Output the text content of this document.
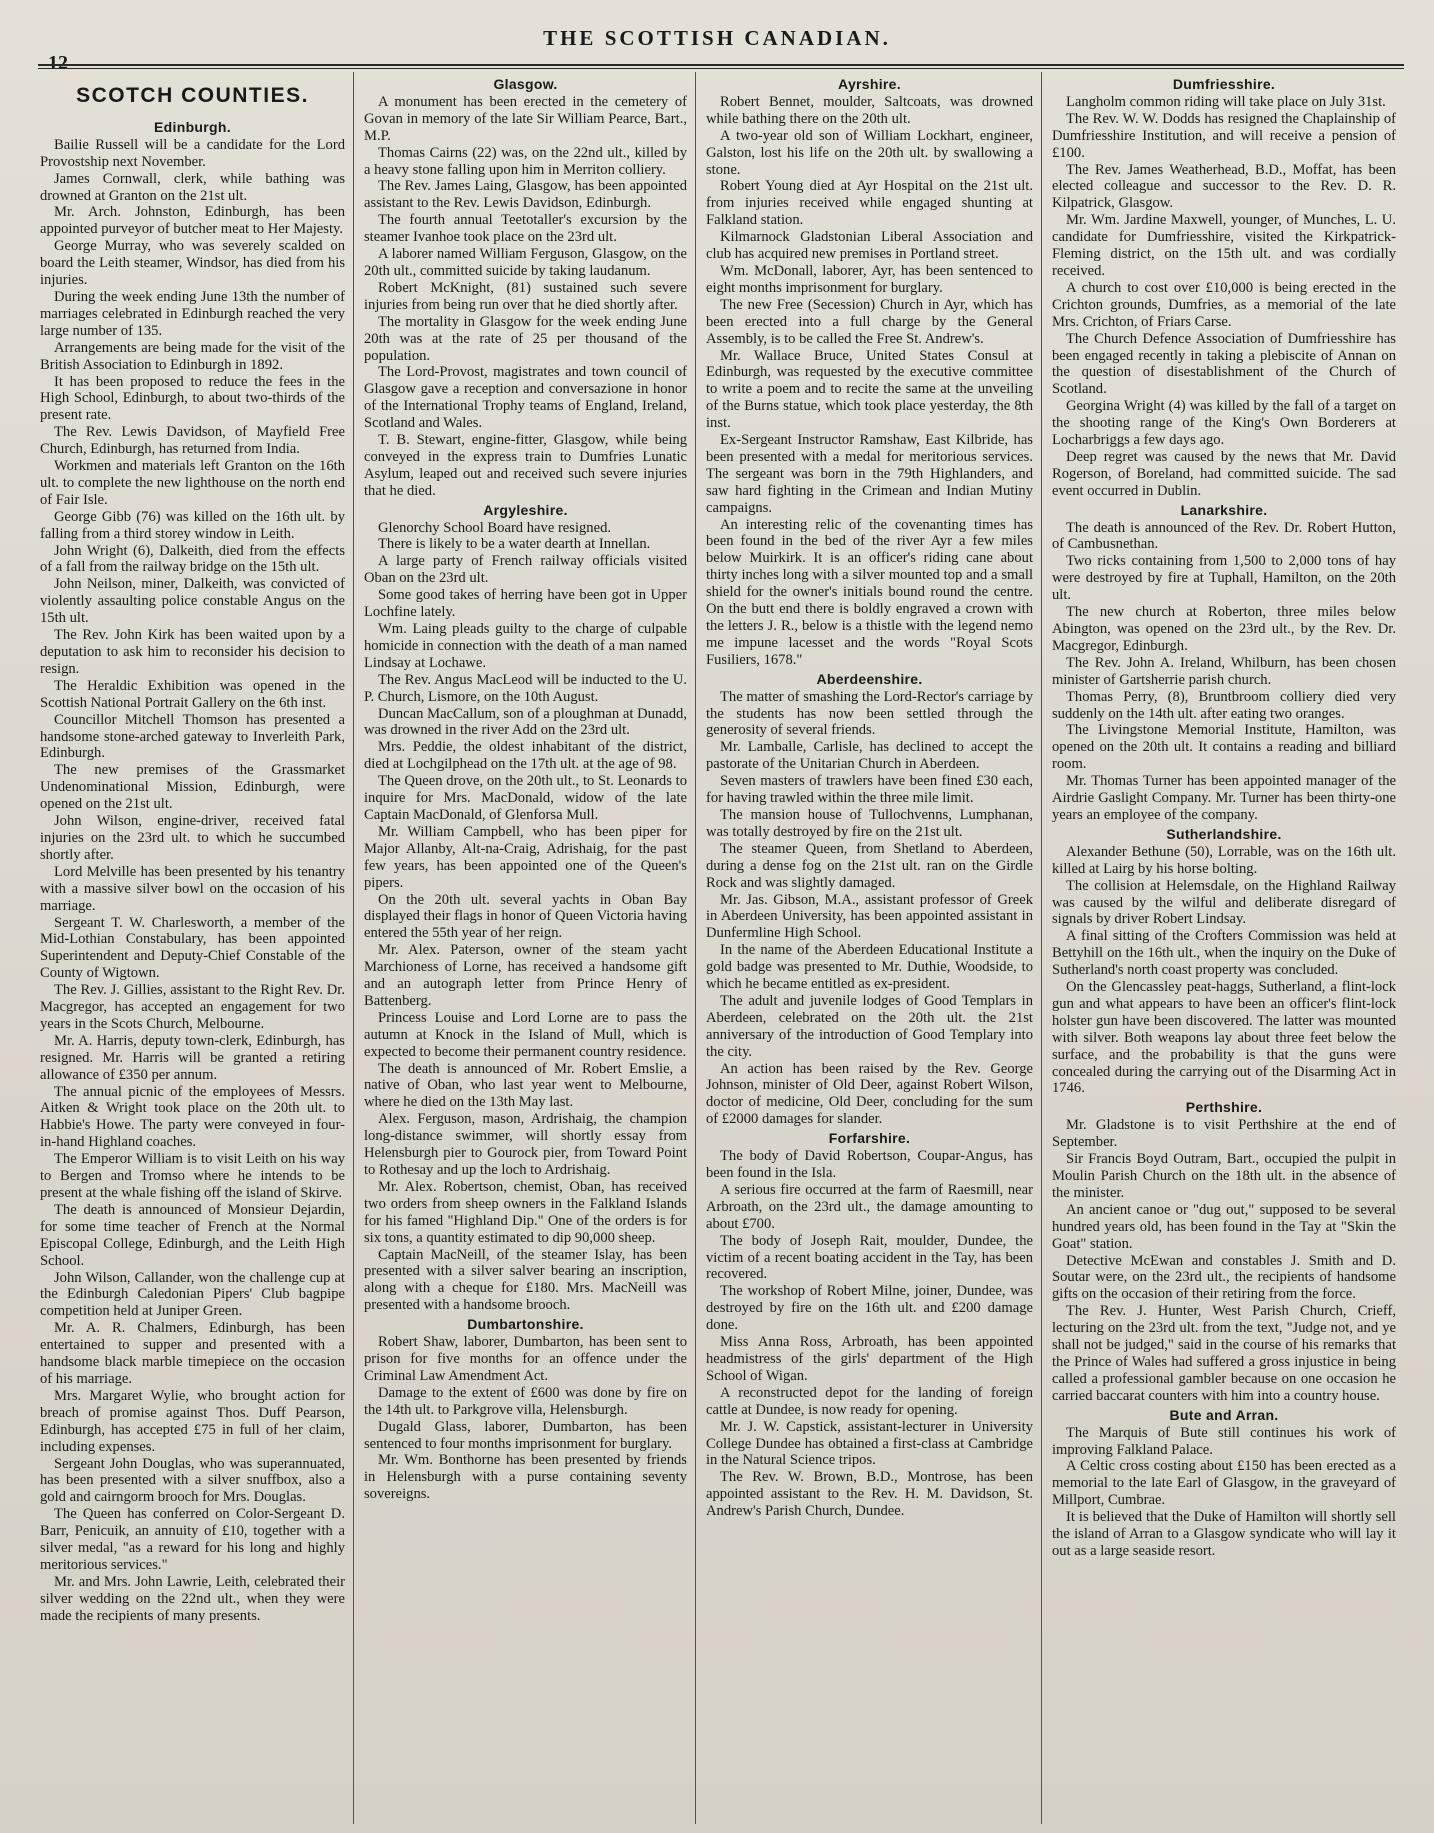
THE SCOTTISH CANADIAN.
12
SCOTCH COUNTIES.
Edinburgh.

Bailie Russell will be a candidate for the Lord Provostship next November.

James Cornwall, clerk, while bathing was drowned at Granton on the 21st ult.

Mr. Arch. Johnston, Edinburgh, has been appointed purveyor of butcher meat to Her Majesty.

George Murray, who was severely scalded on board the Leith steamer, Windsor, has died from his injuries.

During the week ending June 13th the number of marriages celebrated in Edinburgh reached the very large number of 135.

Arrangements are being made for the visit of the British Association to Edinburgh in 1892.

It has been proposed to reduce the fees in the High School, Edinburgh, to about two-thirds of the present rate.

The Rev. Lewis Davidson, of Mayfield Free Church, Edinburgh, has returned from India.

Workmen and materials left Granton on the 16th ult. to complete the new lighthouse on the north end of Fair Isle.

George Gibb (76) was killed on the 16th ult. by falling from a third storey window in Leith.

John Wright (6), Dalkeith, died from the effects of a fall from the railway bridge on the 15th ult.

John Neilson, miner, Dalkeith, was convicted of violently assaulting police constable Angus on the 15th ult.

The Rev. John Kirk has been waited upon by a deputation to ask him to reconsider his decision to resign.

The Heraldic Exhibition was opened in the Scottish National Portrait Gallery on the 6th inst.

Councillor Mitchell Thomson has presented a handsome stone-arched gateway to Inverleith Park, Edinburgh.

The new premises of the Grassmarket Undenominational Mission, Edinburgh, were opened on the 21st ult.

John Wilson, engine-driver, received fatal injuries on the 23rd ult. to which he succumbed shortly after.

Lord Melville has been presented by his tenantry with a massive silver bowl on the occasion of his marriage.

Sergeant T. W. Charlesworth, a member of the Mid-Lothian Constabulary, has been appointed Superintendent and Deputy-Chief Constable of the County of Wigtown.

The Rev. J. Gillies, assistant to the Right Rev. Dr. Macgregor, has accepted an engagement for two years in the Scots Church, Melbourne.

Mr. A. Harris, deputy town-clerk, Edinburgh, has resigned. Mr. Harris will be granted a retiring allowance of £350 per annum.

The annual picnic of the employees of Messrs. Aitken & Wright took place on the 20th ult. to Habbie's Howe. The party were conveyed in four-in-hand Highland coaches.

The Emperor William is to visit Leith on his way to Bergen and Tromso where he intends to be present at the whale fishing off the island of Skirve.

The death is announced of Monsieur Dejardin, for some time teacher of French at the Normal Episcopal College, Edinburgh, and the Leith High School.

John Wilson, Callander, won the challenge cup at the Edinburgh Caledonian Pipers' Club bagpipe competition held at Juniper Green.

Mr. A. R. Chalmers, Edinburgh, has been entertained to supper and presented with a handsome black marble timepiece on the occasion of his marriage.

Mrs. Margaret Wylie, who brought action for breach of promise against Thos. Duff Pearson, Edinburgh, has accepted £75 in full of her claim, including expenses.

Sergeant John Douglas, who was superannuated, has been presented with a silver snuffbox, also a gold and cairngorm brooch for Mrs. Douglas.

The Queen has conferred on Color-Sergeant D. Barr, Penicuik, an annuity of £10, together with a silver medal, "as a reward for his long and highly meritorious services."

Mr. and Mrs. John Lawrie, Leith, celebrated their silver wedding on the 22nd ult., when they were made the recipients of many presents.

Glasgow.

A monument has been erected in the cemetery of Govan in memory of the late Sir William Pearce, Bart., M.P.

Thomas Cairns (22) was, on the 22nd ult., killed by a heavy stone falling upon him in Merriton colliery.

The Rev. James Laing, Glasgow, has been appointed assistant to the Rev. Lewis Davidson, Edinburgh.

The fourth annual Teetotaller's excursion by the steamer Ivanhoe took place on the 23rd ult.

A laborer named William Ferguson, Glasgow, on the 20th ult., committed suicide by taking laudanum.

Robert McKnight, (81) sustained such severe injuries from being run over that he died shortly after.

The mortality in Glasgow for the week ending June 20th was at the rate of 25 per thousand of the population.

The Lord-Provost, magistrates and town council of Glasgow gave a reception and conversazione in honor of the International Trophy teams of England, Ireland, Scotland and Wales.

T. B. Stewart, engine-fitter, Glasgow, while being conveyed in the express train to Dumfries Lunatic Asylum, leaped out and received such severe injuries that he died.

Argyleshire.

Glenorchy School Board have resigned.

There is likely to be a water dearth at Innellan.

A large party of French railway officials visited Oban on the 23rd ult.

Some good takes of herring have been got in Upper Lochfine lately.

Wm. Laing pleads guilty to the charge of culpable homicide in connection with the death of a man named Lindsay at Lochawe.

The Rev. Angus MacLeod will be inducted to the U. P. Church, Lismore, on the 10th August.

Duncan MacCallum, son of a ploughman at Dunadd, was drowned in the river Add on the 23rd ult.

Mrs. Peddie, the oldest inhabitant of the district, died at Lochgilphead on the 17th ult. at the age of 98.

The Queen drove, on the 20th ult., to St. Leonards to inquire for Mrs. MacDonald, widow of the late Captain MacDonald, of Glenforsa Mull.

Mr. William Campbell, who has been piper for Major Allanby, Alt-na-Craig, Adrishaig, for the past few years, has been appointed one of the Queen's pipers.

On the 20th ult. several yachts in Oban Bay displayed their flags in honor of Queen Victoria having entered the 55th year of her reign.

Mr. Alex. Paterson, owner of the steam yacht Marchioness of Lorne, has received a handsome gift and an autograph letter from Prince Henry of Battenberg.

Princess Louise and Lord Lorne are to pass the autumn at Knock in the Island of Mull, which is expected to become their permanent country residence.

The death is announced of Mr. Robert Emslie, a native of Oban, who last year went to Melbourne, where he died on the 13th May last.

Alex. Ferguson, mason, Ardrishaig, the champion long-distance swimmer, will shortly essay from Helensburgh pier to Gourock pier, from Toward Point to Rothesay and up the loch to Ardrishaig.

Mr. Alex. Robertson, chemist, Oban, has received two orders from sheep owners in the Falkland Islands for his famed "Highland Dip." One of the orders is for six tons, a quantity estimated to dip 90,000 sheep.

Captain MacNeill, of the steamer Islay, has been presented with a silver salver bearing an inscription, along with a cheque for £180. Mrs. MacNeill was presented with a handsome brooch.

Dumbartonshire.

Robert Shaw, laborer, Dumbarton, has been sent to prison for five months for an offence under the Criminal Law Amendment Act.

Damage to the extent of £600 was done by fire on the 14th ult. to Parkgrove villa, Helensburgh.

Dugald Glass, laborer, Dumbarton, has been sentenced to four months imprisonment for burglary.

Mr. Wm. Bonthorne has been presented by friends in Helensburgh with a purse containing seventy sovereigns.

Ayrshire.

Robert Bennet, moulder, Saltcoats, was drowned while bathing there on the 20th ult.

A two-year old son of William Lockhart, engineer, Galston, lost his life on the 20th ult. by swallowing a stone.

Robert Young died at Ayr Hospital on the 21st ult. from injuries received while engaged shunting at Falkland station.

Kilmarnock Gladstonian Liberal Association and club has acquired new premises in Portland street.

Wm. McDonall, laborer, Ayr, has been sentenced to eight months imprisonment for burglary.

The new Free (Secession) Church in Ayr, which has been erected into a full charge by the General Assembly, is to be called the Free St. Andrew's.

Mr. Wallace Bruce, United States Consul at Edinburgh, was requested by the executive committee to write a poem and to recite the same at the unveiling of the Burns statue, which took place yesterday, the 8th inst.

Ex-Sergeant Instructor Ramshaw, East Kilbride, has been presented with a medal for meritorious services. The sergeant was born in the 79th Highlanders, and saw hard fighting in the Crimean and Indian Mutiny campaigns.

An interesting relic of the covenanting times has been found in the bed of the river Ayr a few miles below Muirkirk. It is an officer's riding cane about thirty inches long with a silver mounted top and a small shield for the owner's initials bound round the centre. On the butt end there is boldly engraved a crown with the letters J. R., below is a thistle with the legend nemo me impune lacesset and the words "Royal Scots Fusiliers, 1678."

Aberdeenshire.

The matter of smashing the Lord-Rector's carriage by the students has now been settled through the generosity of several friends.

Mr. Lamballe, Carlisle, has declined to accept the pastorate of the Unitarian Church in Aberdeen.

Seven masters of trawlers have been fined £30 each, for having trawled within the three mile limit.

The mansion house of Tullochvenns, Lumphanan, was totally destroyed by fire on the 21st ult.

The steamer Queen, from Shetland to Aberdeen, during a dense fog on the 21st ult. ran on the Girdle Rock and was slightly damaged.

Mr. Jas. Gibson, M.A., assistant professor of Greek in Aberdeen University, has been appointed assistant in Dunfermline High School.

In the name of the Aberdeen Educational Institute a gold badge was presented to Mr. Duthie, Woodside, to which he became entitled as ex-president.

The adult and juvenile lodges of Good Templars in Aberdeen, celebrated on the 20th ult. the 21st anniversary of the introduction of Good Templary into the city.

An action has been raised by the Rev. George Johnson, minister of Old Deer, against Robert Wilson, doctor of medicine, Old Deer, concluding for the sum of £2000 damages for slander.

Forfarshire.

The body of David Robertson, Coupar-Angus, has been found in the Isla.

A serious fire occurred at the farm of Raesmill, near Arbroath, on the 23rd ult., the damage amounting to about £700.

The body of Joseph Rait, moulder, Dundee, the victim of a recent boating accident in the Tay, has been recovered.

The workshop of Robert Milne, joiner, Dundee, was destroyed by fire on the 16th ult. and £200 damage done.

Miss Anna Ross, Arbroath, has been appointed headmistress of the girls' department of the High School of Wigan.

A reconstructed depot for the landing of foreign cattle at Dundee, is now ready for opening.

Mr. J. W. Capstick, assistant-lecturer in University College Dundee has obtained a first-class at Cambridge in the Natural Science tripos.

The Rev. W. Brown, B.D., Montrose, has been appointed assistant to the Rev. H. M. Davidson, St. Andrew's Parish Church, Dundee.

Dumfriesshire.

Langholm common riding will take place on July 31st.

The Rev. W. W. Dodds has resigned the Chaplainship of Dumfriesshire Institution, and will receive a pension of £100.

The Rev. James Weatherhead, B.D., Moffat, has been elected colleague and successor to the Rev. D. R. Kilpatrick, Glasgow.

Mr. Wm. Jardine Maxwell, younger, of Munches, L. U. candidate for Dumfriesshire, visited the Kirkpatrick-Fleming district, on the 15th ult. and was cordially received.

A church to cost over £10,000 is being erected in the Crichton grounds, Dumfries, as a memorial of the late Mrs. Crichton, of Friars Carse.

The Church Defence Association of Dumfriesshire has been engaged recently in taking a plebiscite of Annan on the question of disestablishment of the Church of Scotland.

Georgina Wright (4) was killed by the fall of a target on the shooting range of the King's Own Borderers at Locharbriggs a few days ago.

Deep regret was caused by the news that Mr. David Rogerson, of Boreland, had committed suicide. The sad event occurred in Dublin.

Lanarkshire.

The death is announced of the Rev. Dr. Robert Hutton, of Cambusnethan.

Two ricks containing from 1,500 to 2,000 tons of hay were destroyed by fire at Tuphall, Hamilton, on the 20th ult.

The new church at Roberton, three miles below Abington, was opened on the 23rd ult., by the Rev. Dr. Macgregor, Edinburgh.

The Rev. John A. Ireland, Whilburn, has been chosen minister of Gartsherrie parish church.

Thomas Perry, (8), Bruntbroom colliery died very suddenly on the 14th ult. after eating two oranges.

The Livingstone Memorial Institute, Hamilton, was opened on the 20th ult. It contains a reading and billiard room.

Mr. Thomas Turner has been appointed manager of the Airdrie Gaslight Company. Mr. Turner has been thirty-one years an employee of the company.

Sutherlandshire.

Alexander Bethune (50), Lorrable, was on the 16th ult. killed at Lairg by his horse bolting.

The collision at Helemsdale, on the Highland Railway was caused by the wilful and deliberate disregard of signals by driver Robert Lindsay.

A final sitting of the Crofters Commission was held at Bettyhill on the 16th ult., when the inquiry on the Duke of Sutherland's north coast property was concluded.

On the Glencassley peat-haggs, Sutherland, a flint-lock gun and what appears to have been an officer's flint-lock holster gun have been discovered. The latter was mounted with silver. Both weapons lay about three feet below the surface, and the probability is that the guns were concealed during the carrying out of the Disarming Act in 1746.

Perthshire.

Mr. Gladstone is to visit Perthshire at the end of September.

Sir Francis Boyd Outram, Bart., occupied the pulpit in Moulin Parish Church on the 18th ult. in the absence of the minister.

An ancient canoe or "dug out," supposed to be several hundred years old, has been found in the Tay at "Skin the Goat" station.

Detective McEwan and constables J. Smith and D. Soutar were, on the 23rd ult., the recipients of handsome gifts on the occasion of their retiring from the force.

The Rev. J. Hunter, West Parish Church, Crieff, lecturing on the 23rd ult. from the text, "Judge not, and ye shall not be judged," said in the course of his remarks that the Prince of Wales had suffered a gross injustice in being called a professional gambler because on one occasion he carried baccarat counters with him into a country house.

Bute and Arran.

The Marquis of Bute still continues his work of improving Falkland Palace.

A Celtic cross costing about £150 has been erected as a memorial to the late Earl of Glasgow, in the graveyard of Millport, Cumbrae.

It is believed that the Duke of Hamilton will shortly sell the island of Arran to a Glasgow syndicate who will lay it out as a large seaside resort.
